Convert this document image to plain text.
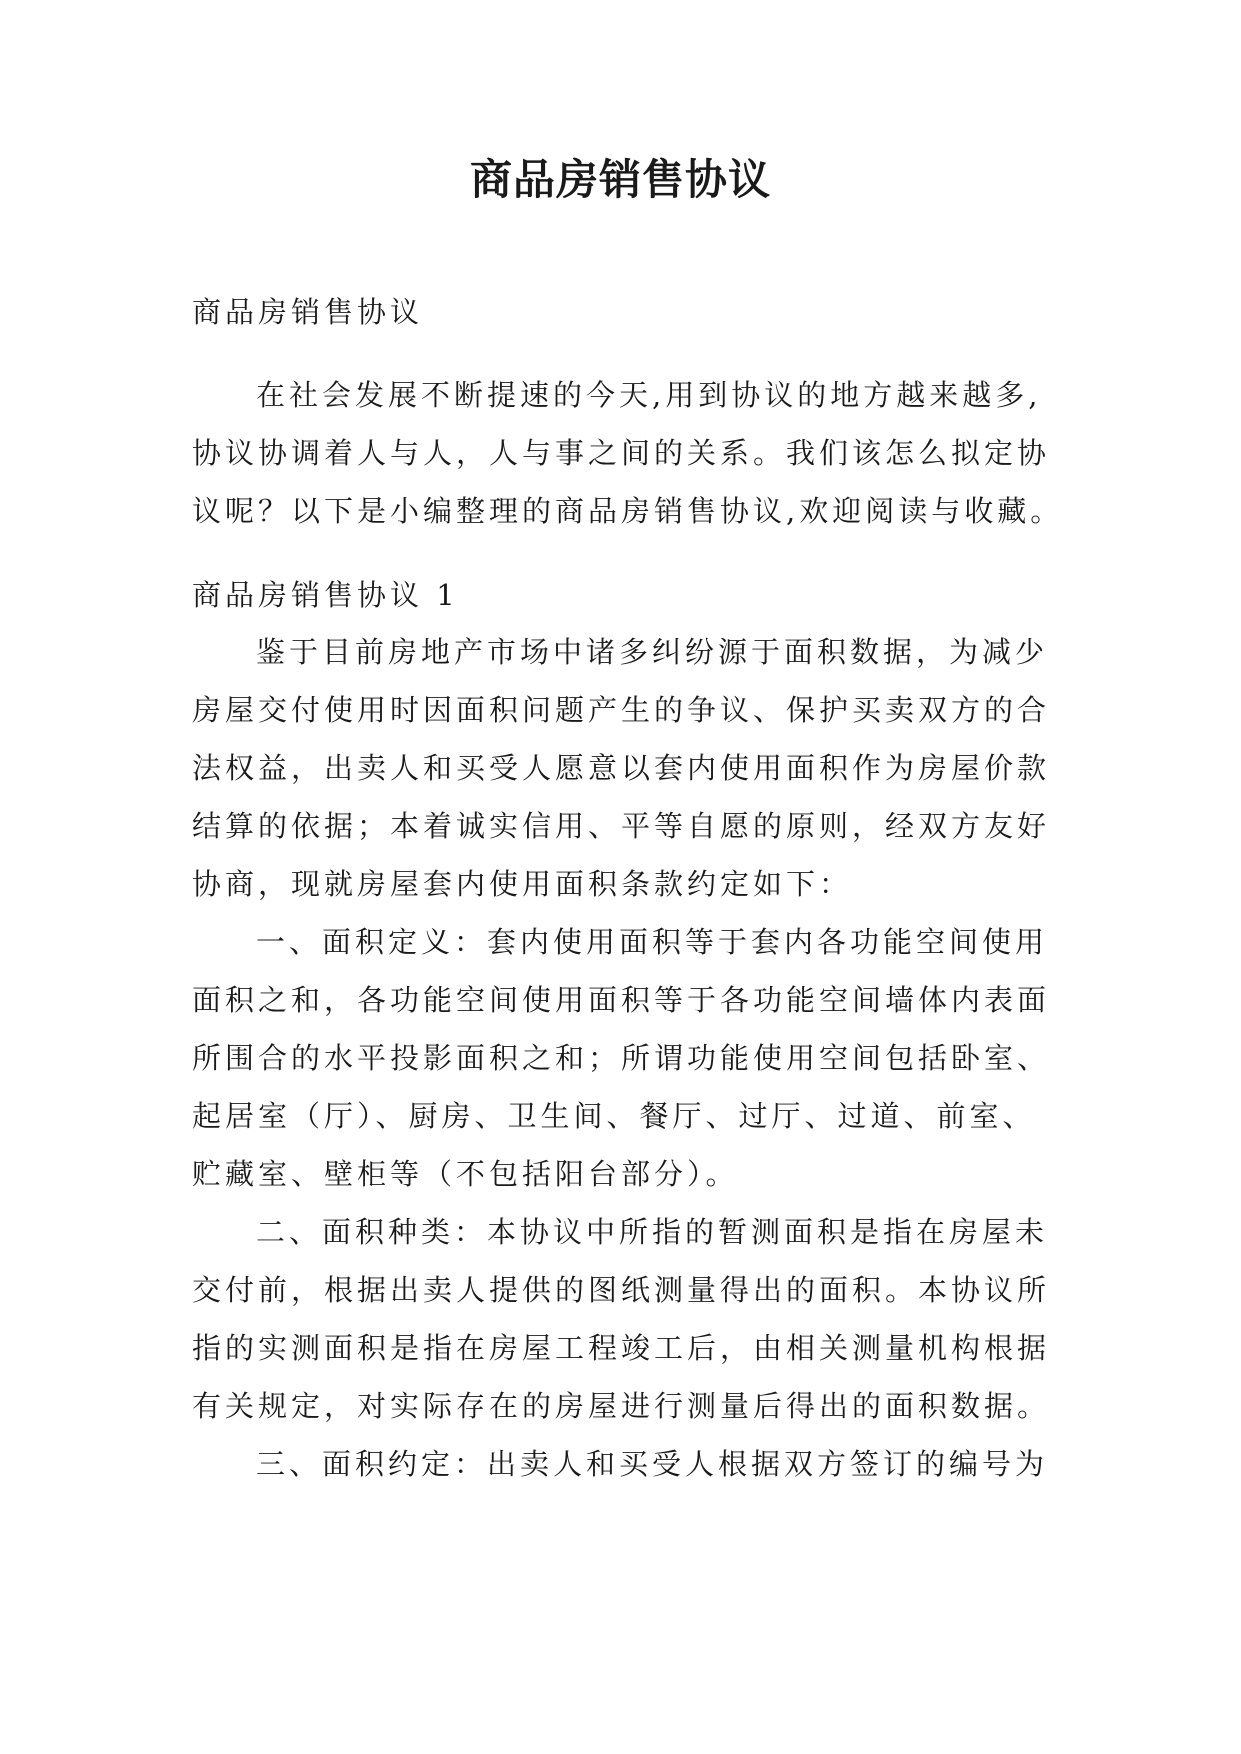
商品房销售协议
商品房销售协议
在社会发展不断提速的今天,用到协议的地方越来越多,
协议协调着人与人，人与事之间的关系。我们该怎么拟定协
议呢？以下是小编整理的商品房销售协议,欢迎阅读与收藏。
商品房销售协议 1
鉴于目前房地产市场中诸多纠纷源于面积数据，为减少
房屋交付使用时因面积问题产生的争议、保护买卖双方的合
法权益，出卖人和买受人愿意以套内使用面积作为房屋价款
结算的依据；本着诚实信用、平等自愿的原则，经双方友好
协商，现就房屋套内使用面积条款约定如下：
一、面积定义：套内使用面积等于套内各功能空间使用
面积之和，各功能空间使用面积等于各功能空间墙体内表面
所围合的水平投影面积之和；所谓功能使用空间包括卧室、
起居室（厅）、厨房、卫生间、餐厅、过厅、过道、前室、
贮藏室、壁柜等（不包括阳台部分）。
二、面积种类：本协议中所指的暂测面积是指在房屋未
交付前，根据出卖人提供的图纸测量得出的面积。本协议所
指的实测面积是指在房屋工程竣工后，由相关测量机构根据
有关规定，对实际存在的房屋进行测量后得出的面积数据。
三、面积约定：出卖人和买受人根据双方签订的编号为
